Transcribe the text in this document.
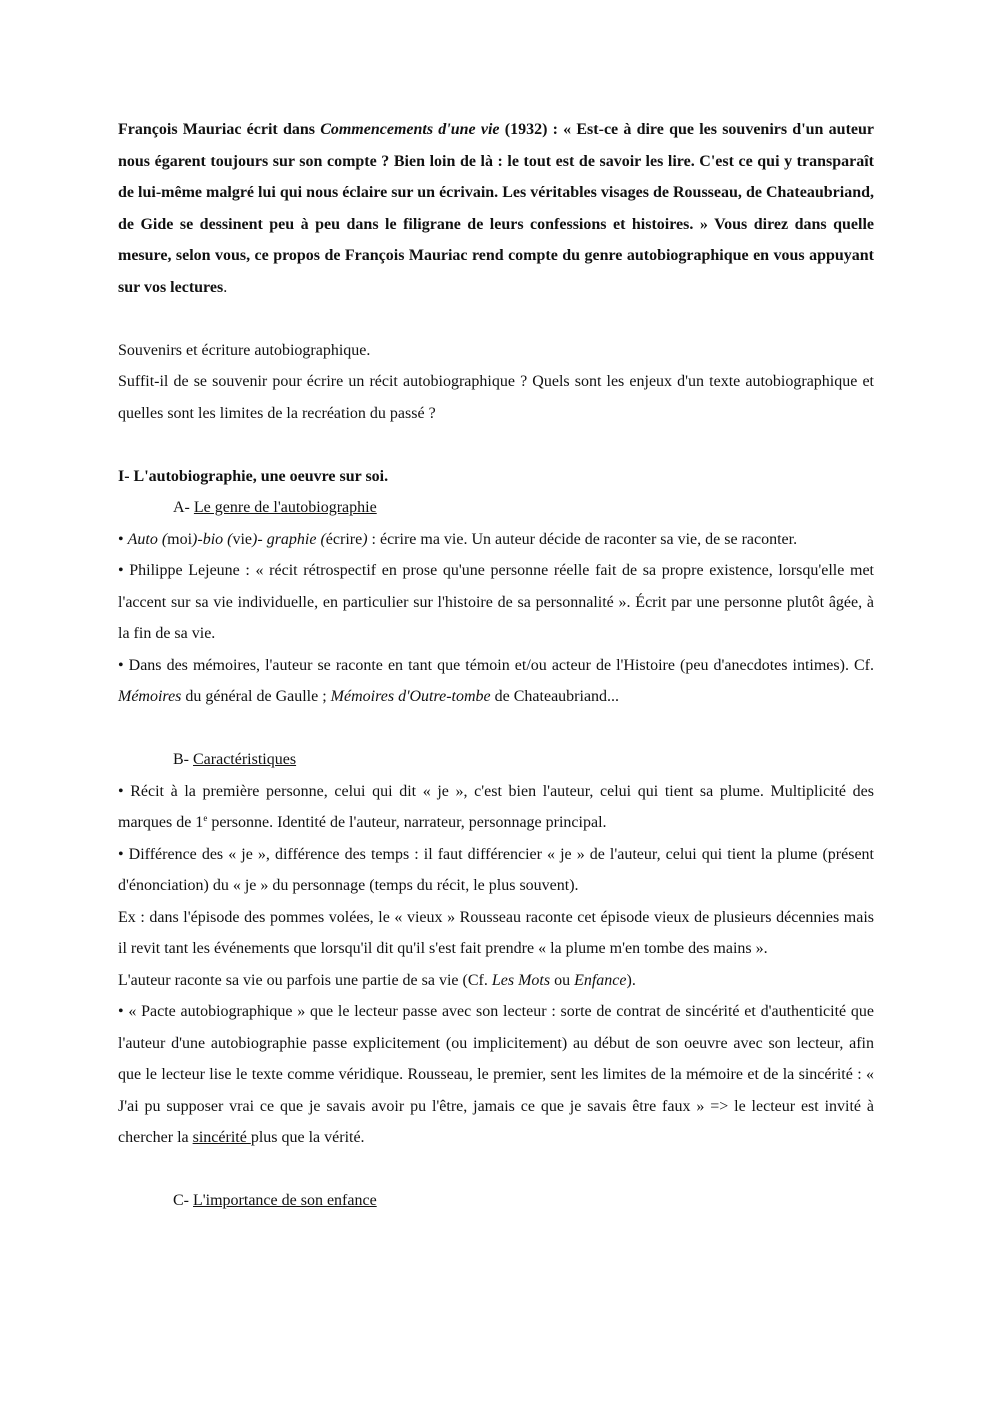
François Mauriac écrit dans Commencements d'une vie (1932) : « Est-ce à dire que les souvenirs d'un auteur nous égarent toujours sur son compte ? Bien loin de là : le tout est de savoir les lire. C'est ce qui y transparaît de lui-même malgré lui qui nous éclaire sur un écrivain. Les véritables visages de Rousseau, de Chateaubriand, de Gide se dessinent peu à peu dans le filigrane de leurs confessions et histoires. » Vous direz dans quelle mesure, selon vous, ce propos de François Mauriac rend compte du genre autobiographique en vous appuyant sur vos lectures.

Souvenirs et écriture autobiographique.

Suffit-il de se souvenir pour écrire un récit autobiographique ? Quels sont les enjeux d'un texte autobiographique et quelles sont les limites de la recréation du passé ?

I- L'autobiographie, une oeuvre sur soi.

A- Le genre de l'autobiographie

• Auto (moi)-bio (vie)- graphie (écrire) : écrire ma vie. Un auteur décide de raconter sa vie, de se raconter.

• Philippe Lejeune : « récit rétrospectif en prose qu'une personne réelle fait de sa propre existence, lorsqu'elle met l'accent sur sa vie individuelle, en particulier sur l'histoire de sa personnalité ». Écrit par une personne plutôt âgée, à la fin de sa vie.

• Dans des mémoires, l'auteur se raconte en tant que témoin et/ou acteur de l'Histoire (peu d'anecdotes intimes). Cf. Mémoires du général de Gaulle ; Mémoires d'Outre-tombe de Chateaubriand...

B- Caractéristiques

• Récit à la première personne, celui qui dit « je », c'est bien l'auteur, celui qui tient sa plume. Multiplicité des marques de 1e personne. Identité de l'auteur, narrateur, personnage principal.

• Différence des « je », différence des temps : il faut différencier « je » de l'auteur, celui qui tient la plume (présent d'énonciation) du « je » du personnage (temps du récit, le plus souvent).

Ex : dans l'épisode des pommes volées, le « vieux » Rousseau raconte cet épisode vieux de plusieurs décennies mais il revit tant les événements que lorsqu'il dit qu'il s'est fait prendre « la plume m'en tombe des mains ».

L'auteur raconte sa vie ou parfois une partie de sa vie (Cf. Les Mots ou Enfance).

• « Pacte autobiographique » que le lecteur passe avec son lecteur : sorte de contrat de sincérité et d'authenticité que l'auteur d'une autobiographie passe explicitement (ou implicitement) au début de son oeuvre avec son lecteur, afin que le lecteur lise le texte comme véridique. Rousseau, le premier, sent les limites de la mémoire et de la sincérité : « J'ai pu supposer vrai ce que je savais avoir pu l'être, jamais ce que je savais être faux » => le lecteur est invité à chercher la sincérité plus que la vérité.

C- L'importance de son enfance
